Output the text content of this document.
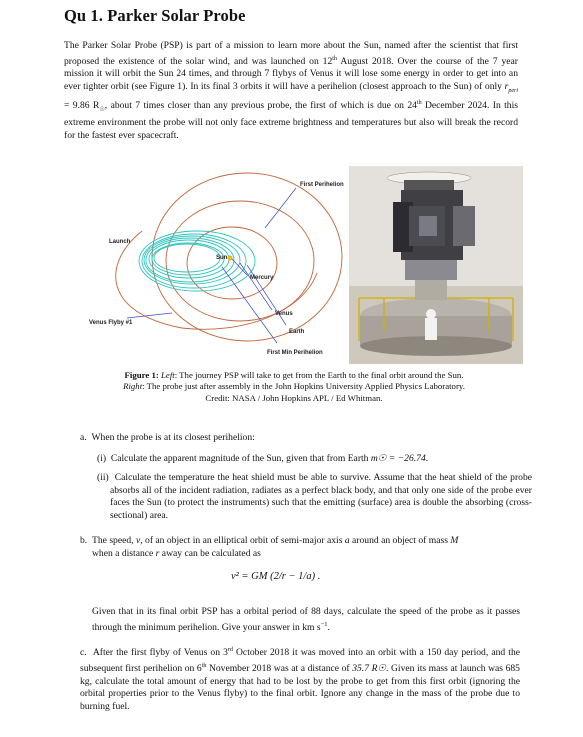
Qu 1. Parker Solar Probe

The Parker Solar Probe (PSP) is part of a mission to learn more about the Sun, named after the scientist that first proposed the existence of the solar wind, and was launched on 12th August 2018. Over the course of the 7 year mission it will orbit the Sun 24 times, and through 7 flybys of Venus it will lose some energy in order to get into an ever tighter orbit (see Figure 1). In its final 3 orbits it will have a perihelion (closest approach to the Sun) of only $r_{peri} = 9.86$ $R_☉$, about 7 times closer than any previous probe, the first of which is due on 24th December 2024. In this extreme environment the probe will not only face extreme brightness and temperatures but also will break the record for the fastest ever spacecraft.

First Perihelion
Launch
Sun
Mercury
Venus
Venus Flyby #1
Earth
First Min Perihelion

Figure 1: Left: The journey PSP will take to get from the Earth to the final orbit around the Sun.
Right: The probe just after assembly in the John Hopkins University Applied Physics Laboratory.
Credit: NASA / John Hopkins APL / Ed Whitman.

a. When the probe is at its closest perihelion:

(i) Calculate the apparent magnitude of the Sun, given that from Earth m☉ = −26.74.

(ii) Calculate the temperature the heat shield must be able to survive. Assume that the heat shield of the probe absorbs all of the incident radiation, radiates as a perfect black body, and that only one side of the probe ever faces the Sun (to protect the instruments) such that the emitting (surface) area is double the absorbing (cross-sectional) area.

b. The speed, v, of an object in an elliptical orbit of semi-major axis a around an object of mass M
when a distance r away can be calculated as

v² = GM (2/r − 1/a) .

Given that in its final orbit PSP has a orbital period of 88 days, calculate the speed of the probe as it passes through the minimum perihelion. Give your answer in km $s^{-1}$.

c. After the first flyby of Venus on 3rd October 2018 it was moved into an orbit with a 150 day period, and the subsequent first perihelion on 6th November 2018 was at a distance of 35.7 R☉. Given its mass at launch was 685 kg, calculate the total amount of energy that had to be lost by the probe to get from this first orbit (ignoring the orbital properties prior to the Venus flyby) to the final orbit. Ignore any change in the mass of the probe due to burning fuel.
